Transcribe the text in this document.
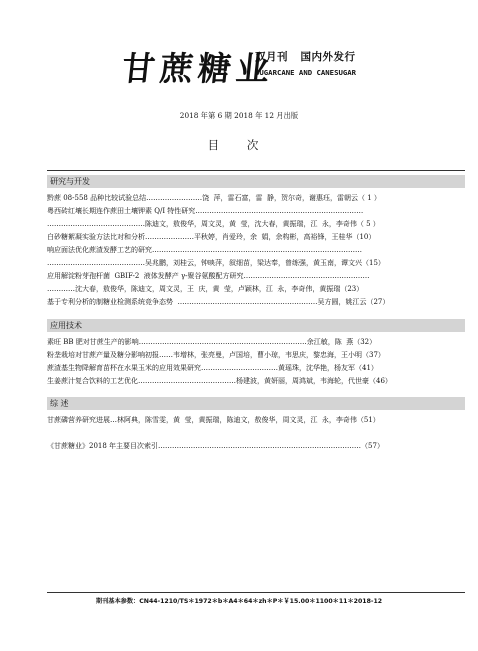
甘蔗糖业
双月刊   国内外发行
SUGARCANE AND CANESUGAR
2018 年第 6 期 2018 年 12 月出版
目 次
研究与开发
黔蔗 08-558 品种比较试验总结……………………饶  萍，雷石富，雷  静，贺尔奇，谢惠珏，雷朝云（ 1 ）
粤西砖红壤长期连作蔗田土壤钾素 Q/I 特性研究………………………………………………………………
……………………………………陈迪文，敖俊华，周文灵，黄  莹，沈大春，黄振瑞，江  永，李奇伟（ 5 ）
白砂糖絮凝实验方法比对和分析…………………平秋婷，肖爱玲，余  娟，余构彬，高裕锋，王桂华（10）
响应面法优化蔗渣发酵工艺的研究………………………………………………………………………………
……………………………………吴兆鹏，刘桂云，钟映萍，叙细苗，梁达奉，曾练强，黄玉南，谭文兴（15）
应用解淀粉芽孢杆菌  GBIF-2  液体发酵产 γ-聚谷氨酸配方研究………………………………………………
…………沈大春，敖俊华，陈迪文，周文灵，王  庆，黄  莹，卢颖林，江  永，李奇伟，黄振瑞（23）
基于专利分析的制糖业检测系统竞争态势  ……………………………………………………吴方圆，姚江云（27）
应用技术
素旺 BB 肥对甘蔗生产的影响………………………………………………………………余江敏，陈  燕（32）
粉垄栽培对甘蔗产量及糖分影响初报……韦增林，张亮曼，卢国培，曹小琼，韦思庆，黎忠海，王小明（37）
蔗渣基生物降解育苗杯在水果玉米的应用效果研究……………………………黄瑶珠，沈华艳，杨友军（41）
生姜蔗汁复合饮料的工艺优化……………………………………杨建波，黄妍丽，周鸿斌，韦海轮，代世豪（46）
综 述
甘蔗磷营养研究进展…林阿典，陈雪雯，黄  莹，黄振瑞，陈迪文，敖俊华，周文灵，江  永，李奇伟（51）
《甘蔗糖业》2018 年主要目次索引……………………………………………………………………………（57）
期刊基本参数：CN44-1210/TS＊1972＊b＊A4＊64＊zh＊P＊￥15.00＊1100＊11＊2018-12
